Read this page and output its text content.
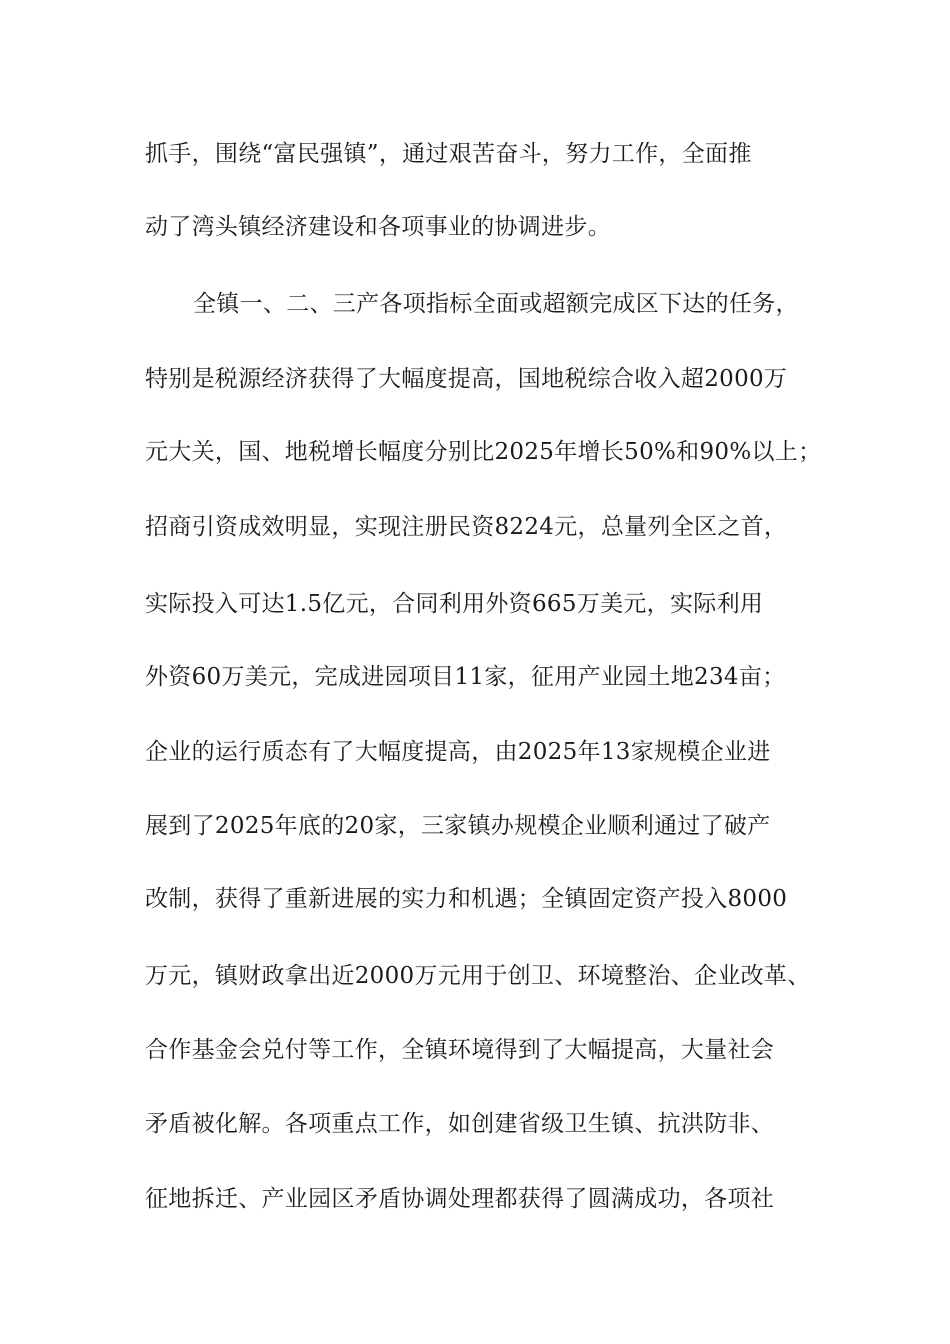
抓手，围绕“富民强镇”，通过艰苦奋斗，努力工作，全面推
动了湾头镇经济建设和各项事业的协调进步。
全镇一、二、三产各项指标全面或超额完成区下达的任务，
特别是税源经济获得了大幅度提高，国地税综合收入超2000万
元大关，国、地税增长幅度分别比2025年增长50%和90%以上；
招商引资成效明显，实现注册民资8224元，总量列全区之首，
实际投入可达1.5亿元，合同利用外资665万美元，实际利用
外资60万美元，完成进园项目11家，征用产业园土地234亩；
企业的运行质态有了大幅度提高，由2025年13家规模企业进
展到了2025年底的20家，三家镇办规模企业顺利通过了破产
改制，获得了重新进展的实力和机遇；全镇固定资产投入8000
万元，镇财政拿出近2000万元用于创卫、环境整治、企业改革、
合作基金会兑付等工作，全镇环境得到了大幅提高，大量社会
矛盾被化解。各项重点工作，如创建省级卫生镇、抗洪防非、
征地拆迁、产业园区矛盾协调处理都获得了圆满成功，各项社
